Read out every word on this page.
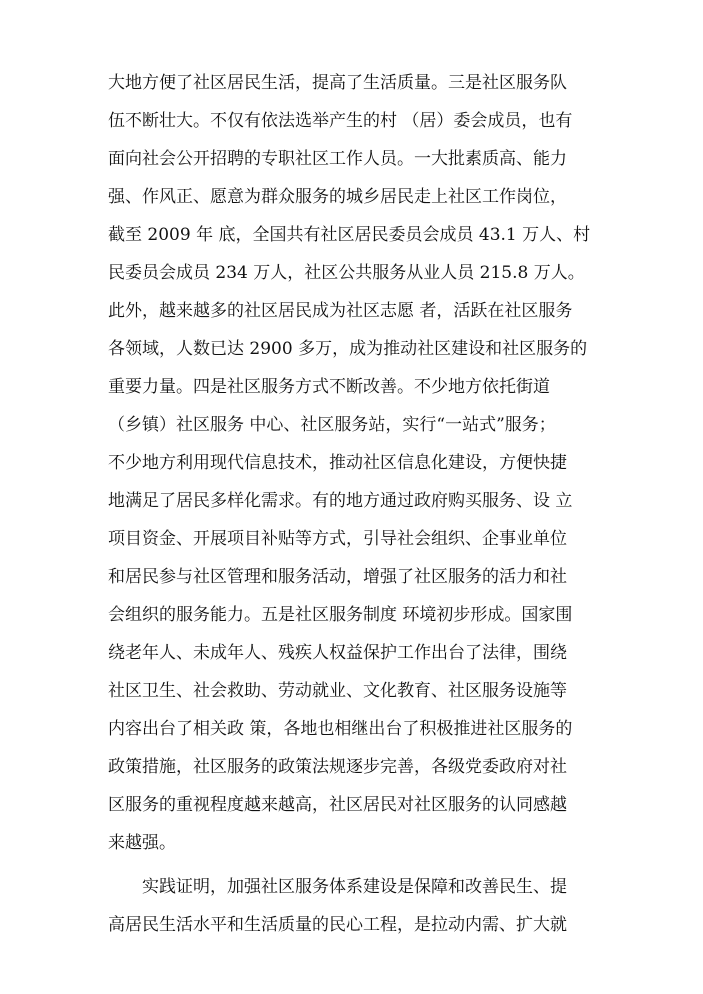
大地方便了社区居民生活，提高了生活质量。三是社区服务队
伍不断壮大。不仅有依法选举产生的村 （居）委会成员，也有
面向社会公开招聘的专职社区工作人员。一大批素质高、能力
强、作风正、愿意为群众服务的城乡居民走上社区工作岗位，
截至 2009 年 底，全国共有社区居民委员会成员 43.1 万人、村
民委员会成员 234 万人，社区公共服务从业人员 215.8 万人。
此外，越来越多的社区居民成为社区志愿 者，活跃在社区服务
各领域，人数已达 2900 多万，成为推动社区建设和社区服务的
重要力量。四是社区服务方式不断改善。不少地方依托街道
（乡镇）社区服务 中心、社区服务站，实行“一站式”服务；
不少地方利用现代信息技术，推动社区信息化建设，方便快捷
地满足了居民多样化需求。有的地方通过政府购买服务、设 立
项目资金、开展项目补贴等方式，引导社会组织、企事业单位
和居民参与社区管理和服务活动，增强了社区服务的活力和社
会组织的服务能力。五是社区服务制度 环境初步形成。国家围
绕老年人、未成年人、残疾人权益保护工作出台了法律，围绕
社区卫生、社会救助、劳动就业、文化教育、社区服务设施等
内容出台了相关政 策，各地也相继出台了积极推进社区服务的
政策措施，社区服务的政策法规逐步完善，各级党委政府对社
区服务的重视程度越来越高，社区居民对社区服务的认同感越
来越强。
实践证明，加强社区服务体系建设是保障和改善民生、提
高居民生活水平和生活质量的民心工程，是拉动内需、扩大就
